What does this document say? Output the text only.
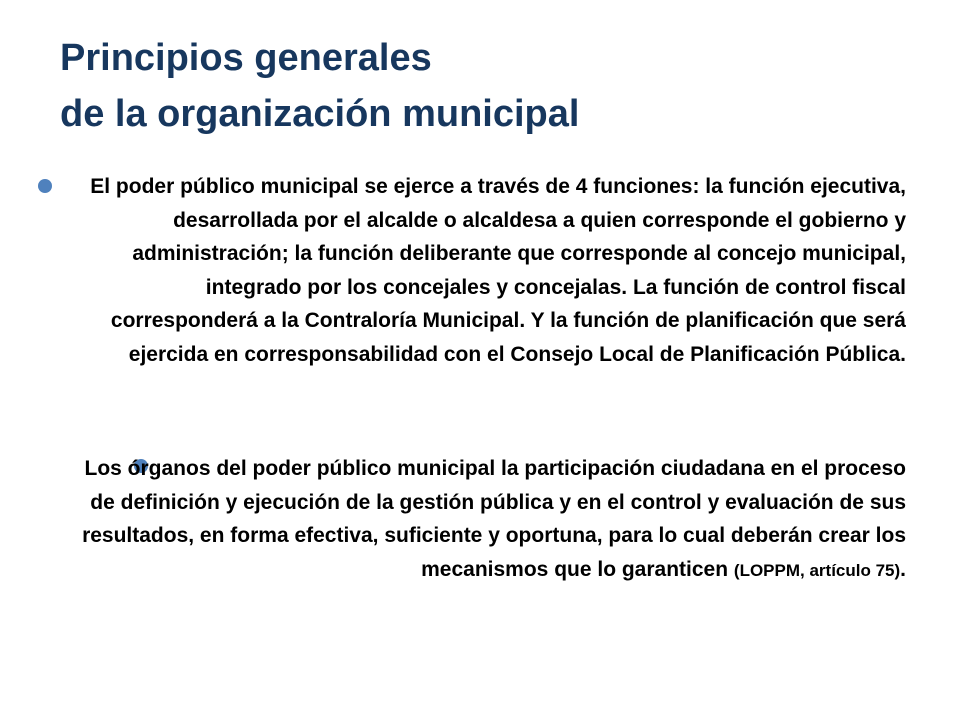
Principios generales
de la organización municipal

El poder público municipal se ejerce a través de 4 funciones: la función ejecutiva, desarrollada por el alcalde o alcaldesa a quien corresponde el gobierno y administración; la función deliberante que corresponde al concejo municipal, integrado por los concejales y concejalas. La función de control fiscal corresponderá a la Contraloría Municipal. Y la función de planificación que será ejercida en corresponsabilidad con el Consejo Local de Planificación Pública.

Los órganos del poder público municipal la participación ciudadana en el proceso de definición y ejecución de la gestión pública y en el control y evaluación de sus resultados, en forma efectiva, suficiente y oportuna, para lo cual deberán crear los mecanismos que lo garanticen (LOPPM, artículo 75).
